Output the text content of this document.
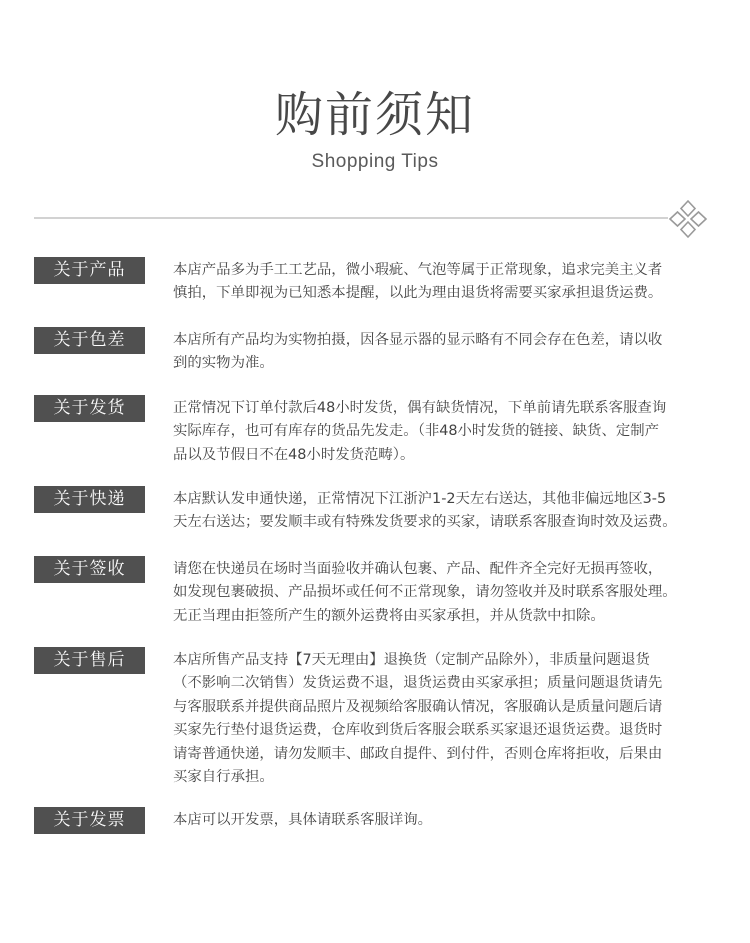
购前须知
Shopping Tips
关于产品	本店产品多为手工工艺品，微小瑕疵、气泡等属于正常现象，追求完美主义者
慎拍，下单即视为已知悉本提醒，以此为理由退货将需要买家承担退货运费。
关于色差	本店所有产品均为实物拍摄，因各显示器的显示略有不同会存在色差，请以收
到的实物为准。
关于发货	正常情况下订单付款后48小时发货，偶有缺货情况，下单前请先联系客服查询
实际库存，也可有库存的货品先发走。（非48小时发货的链接、缺货、定制产
品以及节假日不在48小时发货范畴）。
关于快递	本店默认发申通快递，正常情况下江浙沪1-2天左右送达，其他非偏远地区3-5
天左右送达；要发顺丰或有特殊发货要求的买家，请联系客服查询时效及运费。
关于签收	请您在快递员在场时当面验收并确认包裹、产品、配件齐全完好无损再签收，
如发现包裹破损、产品损坏或任何不正常现象，请勿签收并及时联系客服处理。
无正当理由拒签所产生的额外运费将由买家承担，并从货款中扣除。
关于售后	本店所售产品支持【7天无理由】退换货（定制产品除外），非质量问题退货
（不影响二次销售）发货运费不退，退货运费由买家承担；质量问题退货请先
与客服联系并提供商品照片及视频给客服确认情况，客服确认是质量问题后请
买家先行垫付退货运费，仓库收到货后客服会联系买家退还退货运费。退货时
请寄普通快递，请勿发顺丰、邮政自提件、到付件，否则仓库将拒收，后果由
买家自行承担。
关于发票	本店可以开发票，具体请联系客服详询。
